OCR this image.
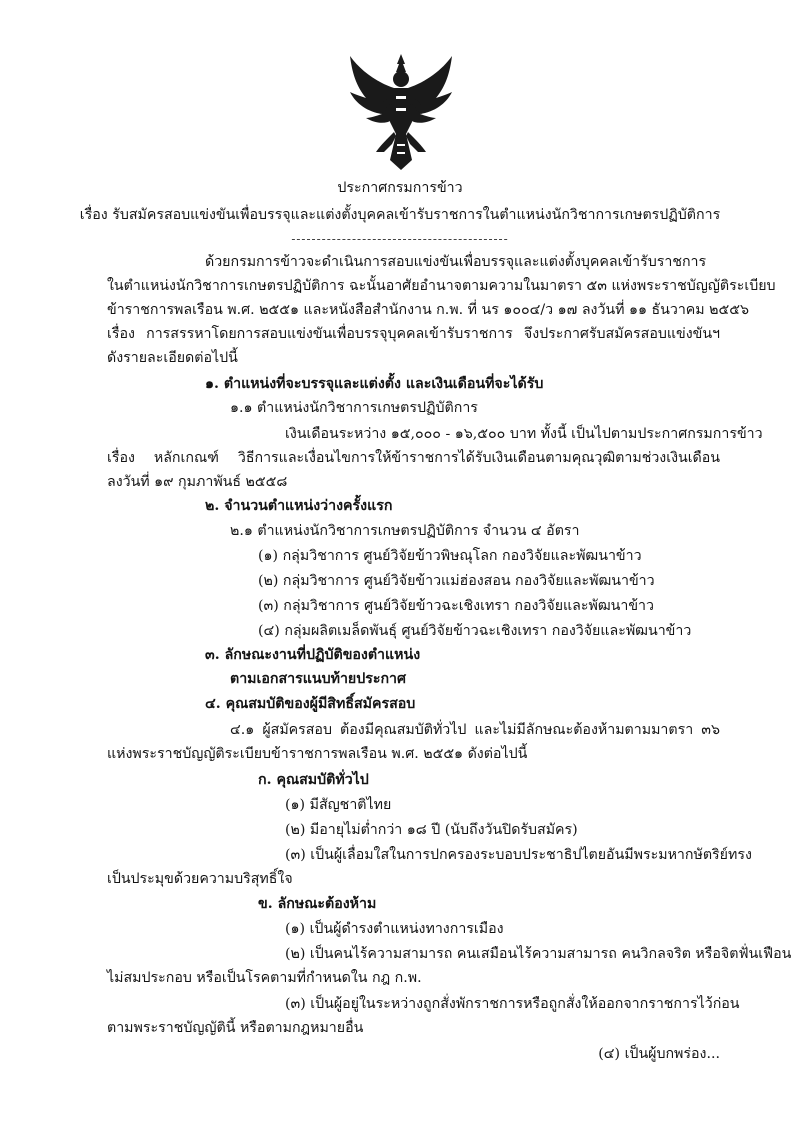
ประกาศกรมการข้าว
เรื่อง รับสมัครสอบแข่งขันเพื่อบรรจุและแต่งตั้งบุคคลเข้ารับราชการในตำแหน่งนักวิชาการเกษตรปฏิบัติการ
-------------------------------------------
ด้วยกรมการข้าวจะดำเนินการสอบแข่งขันเพื่อบรรจุและแต่งตั้งบุคคลเข้ารับราชการ
ในตำแหน่งนักวิชาการเกษตรปฏิบัติการ ฉะนั้นอาศัยอำนาจตามความในมาตรา ๕๓ แห่งพระราชบัญญัติระเบียบ
ข้าราชการพลเรือน พ.ศ. ๒๕๕๑ และหนังสือสำนักงาน ก.พ. ที่ นร ๑๐๐๔/ว ๑๗ ลงวันที่ ๑๑ ธันวาคม ๒๕๕๖
เรื่อง การสรรหาโดยการสอบแข่งขันเพื่อบรรจุบุคคลเข้ารับราชการ จึงประกาศรับสมัครสอบแข่งขันฯ
ดังรายละเอียดต่อไปนี้
๑. ตำแหน่งที่จะบรรจุและแต่งตั้ง และเงินเดือนที่จะได้รับ
๑.๑ ตำแหน่งนักวิชาการเกษตรปฏิบัติการ
เงินเดือนระหว่าง ๑๕,๐๐๐ - ๑๖,๕๐๐ บาท ทั้งนี้ เป็นไปตามประกาศกรมการข้าว
เรื่อง หลักเกณฑ์ วิธีการและเงื่อนไขการให้ข้าราชการได้รับเงินเดือนตามคุณวุฒิตามช่วงเงินเดือน
ลงวันที่ ๑๙ กุมภาพันธ์ ๒๕๕๘
๒. จำนวนตำแหน่งว่างครั้งแรก
๒.๑ ตำแหน่งนักวิชาการเกษตรปฏิบัติการ จำนวน ๔ อัตรา
(๑) กลุ่มวิชาการ ศูนย์วิจัยข้าวพิษณุโลก กองวิจัยและพัฒนาข้าว
(๒) กลุ่มวิชาการ ศูนย์วิจัยข้าวแม่ฮ่องสอน กองวิจัยและพัฒนาข้าว
(๓) กลุ่มวิชาการ ศูนย์วิจัยข้าวฉะเชิงเทรา กองวิจัยและพัฒนาข้าว
(๔) กลุ่มผลิตเมล็ดพันธุ์ ศูนย์วิจัยข้าวฉะเชิงเทรา กองวิจัยและพัฒนาข้าว
๓. ลักษณะงานที่ปฏิบัติของตำแหน่ง
ตามเอกสารแนบท้ายประกาศ
๔. คุณสมบัติของผู้มีสิทธิ์สมัครสอบ
๔.๑ ผู้สมัครสอบ ต้องมีคุณสมบัติทั่วไป และไม่มีลักษณะต้องห้ามตามมาตรา ๓๖
แห่งพระราชบัญญัติระเบียบข้าราชการพลเรือน พ.ศ. ๒๕๕๑ ดังต่อไปนี้
ก. คุณสมบัติทั่วไป
(๑) มีสัญชาติไทย
(๒) มีอายุไม่ต่ำกว่า ๑๘ ปี (นับถึงวันปิดรับสมัคร)
(๓) เป็นผู้เลื่อมใสในการปกครองระบอบประชาธิปไตยอันมีพระมหากษัตริย์ทรง
เป็นประมุขด้วยความบริสุทธิ์ใจ
ข. ลักษณะต้องห้าม
(๑) เป็นผู้ดำรงตำแหน่งทางการเมือง
(๒) เป็นคนไร้ความสามารถ คนเสมือนไร้ความสามารถ คนวิกลจริต หรือจิตฟั่นเฟือน
ไม่สมประกอบ หรือเป็นโรคตามที่กำหนดใน กฎ ก.พ.
(๓) เป็นผู้อยู่ในระหว่างถูกสั่งพักราชการหรือถูกสั่งให้ออกจากราชการไว้ก่อน
ตามพระราชบัญญัตินี้ หรือตามกฎหมายอื่น
(๔) เป็นผู้บกพร่อง...
